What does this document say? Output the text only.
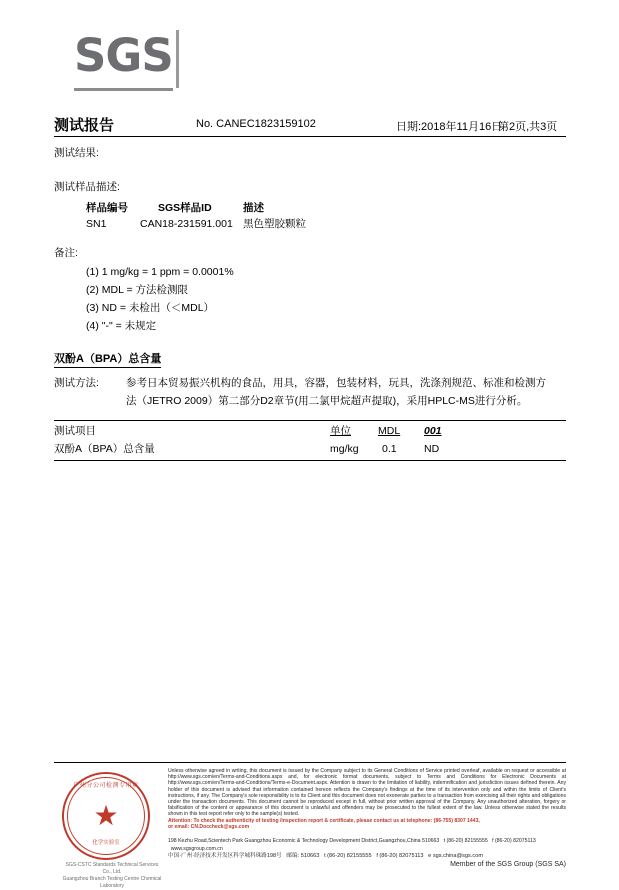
SGS
测试报告	No. CANEC1823159102	日期:2018年11月16日
第2页,共3页
测试结果:
测试样品描述:
样品编号	SGS样品ID	描述
SN1	CAN18-231591.001 黑色塑胶颗粒
备注:
(1) 1 mg/kg = 1 ppm = 0.0001%
(2) MDL = 方法检测限
(3) ND = 未检出（＜MDL）
(4) "-" = 未规定
双酚A（BPA）总含量
测试方法:	参考日本贸易振兴机构的食品，用具，容器，包装材料，玩具，洗涤剂规范、标准和检测方
法（JETRO 2009）第二部分D2章节(用二氯甲烷超声提取)，采用HPLC-MS进行分析。
测试项目	单位	MDL 001
双酚A（BPA）总含量	mg/kg 0.1	ND
广州分公司检测专用章
★
化学实验室
SGS-CSTC Standards Technical Services Co., Ltd.
Guangzhou Branch Testing Centre Chemical Laboratory
Unless otherwise agreed in writing, this document is issued by the Company subject to its General Conditions of Service printed overleaf, available on request or accessible at http://www.sgs.com/en/Terms-and-Conditions.aspx and, for electronic format documents, subject to Terms and Conditions for Electronic Documents at http://www.sgs.com/en/Terms-and-Conditions/Terms-e-Document.aspx. Attention is drawn to the limitation of liability, indemnification and jurisdiction issues defined therein. Any holder of this document is advised that information contained hereon reflects the Company's findings at the time of its intervention only and within the limits of Client's instructions, if any. The Company's sole responsibility is to its Client and this document does not exonerate parties to a transaction from exercising all their rights and obligations under the transaction documents. This document cannot be reproduced except in full, without prior written approval of the Company. Any unauthorized alteration, forgery or falsification of the content or appearance of this document is unlawful and offenders may be prosecuted to the fullest extent of the law. Unless otherwise stated the results shown in this test report refer only to the sample(s) tested.
Attention: To check the authenticity of testing /inspection report & certificate, please contact us at telephone: (86-755) 8307 1443,
or email: CN.Doccheck@sgs.com
198 Kezhu Road,Scientech Park Guangzhou Economic & Technology Development District,Guangzhou,China 510663 t (86-20) 82155555 f (86-20) 82075113   www.sgsgroup.com.cn
中国·广州·经济技术开发区科学城科珠路198号 邮编: 510663 t (86-20) 82155555 f (86-20) 82075113 e sgs.china@sgs.com
Member of the SGS Group (SGS SA)
